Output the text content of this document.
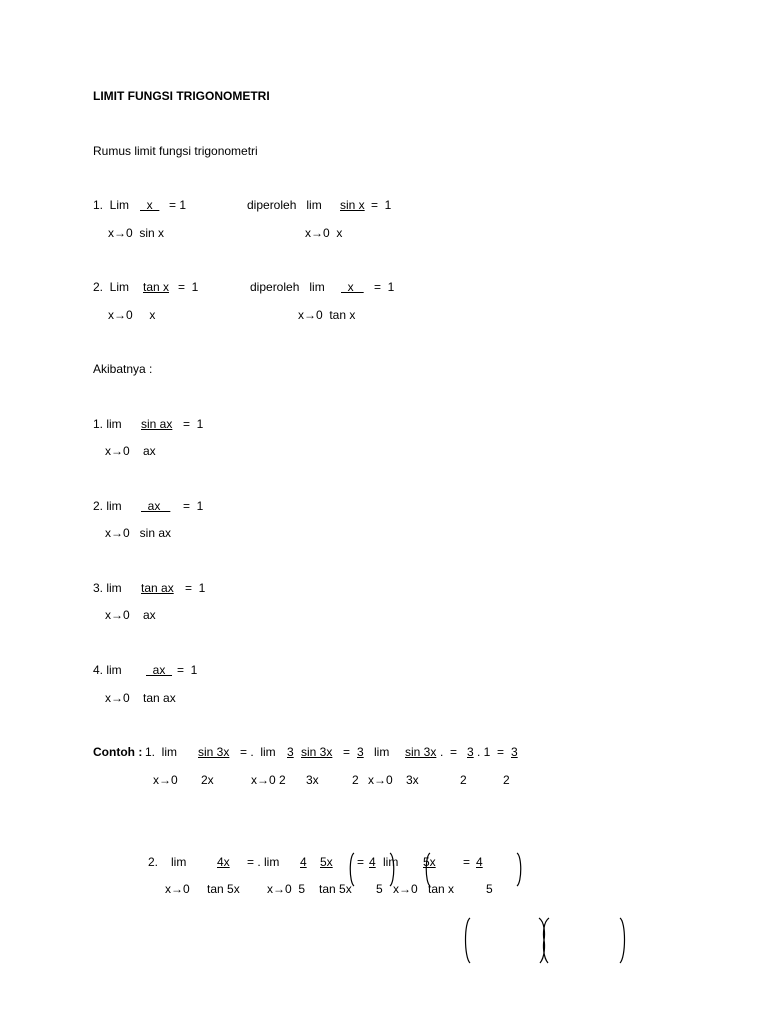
LIMIT FUNGSI TRIGONOMETRI
Rumus limit fungsi trigonometri
1.  Lim x = 1	diperoleh   lim sin x =  1
x→0  sin x	x→0  x
2.  Lim tan x =  1	diperoleh   lim x =  1
x→0     x	x→0  tan x
Akibatnya :
1. lim sin ax =  1
x→0    ax
2. lim ax =  1
x→0   sin ax
3. lim tan ax =  1
x→0    ax
4. lim ax =  1
x→0    tan ax
Contoh : 1.  lim sin 3x = .  lim 3 sin 3x = 3 lim sin 3x .  = 3 . 1  = 3
x→0 2x	x→0 2 3x	2 x→0 3x	2	2
2. lim	4x = . lim 4 5x = 4 lim 5x = 4
x→0 tan 5x x→0  5 tan 5x 5 x→0 tan x	5
